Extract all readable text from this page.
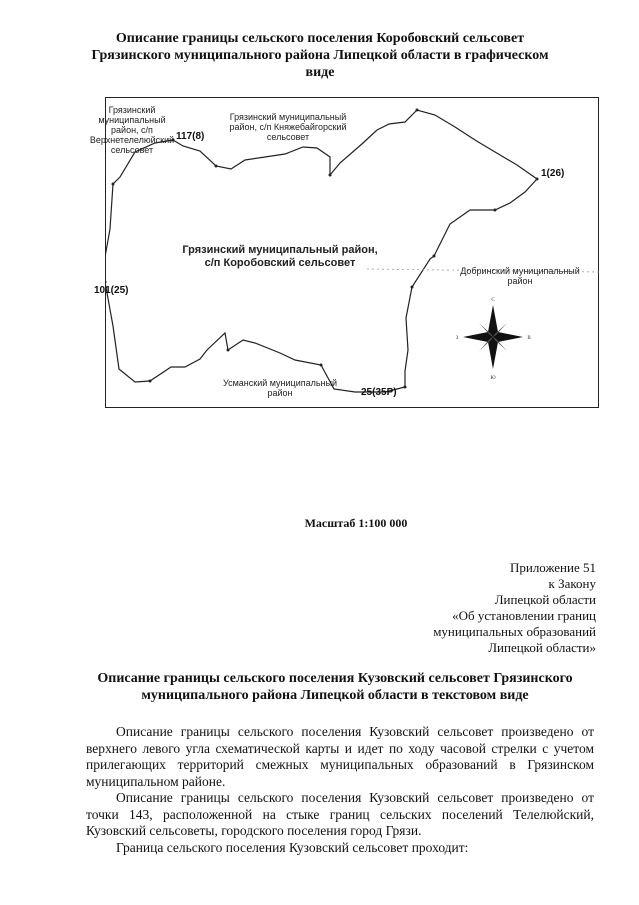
Описание границы сельского поселения Коробовский сельсовет
Грязинского муниципального района Липецкой области в графическом
виде
С
Ю
З	В
Грязинский
муниципальный
район, с/п
Верхнетелелюйский
сельсовет
Грязинский муниципальный
район, с/п Княжебайгорский
сельсовет
Грязинский муниципальный район,
с/п Коробовский сельсовет
Добринский муниципальный
район
Усманский муниципальный
район
117(8)
1(26)
101(25)
25(35Р)
Масштаб 1:100 000
Приложение 51
к Закону
Липецкой области
«Об установлении границ
муниципальных образований
Липецкой области»
Описание границы сельского поселения Кузовский сельсовет Грязинского
муниципального района Липецкой области в текстовом виде

Описание границы сельского поселения Кузовский сельсовет произведено от верхнего левого угла схематической карты и идет по ходу часовой стрелки с учетом прилегающих территорий смежных муниципальных образований в Грязинском муниципальном районе.

Описание границы сельского поселения Кузовский сельсовет произведено от точки 143, расположенной на стыке границ сельских поселений Телелюйский, Кузовский сельсоветы, городского поселения город Грязи.

Граница сельского поселения Кузовский сельсовет проходит:
